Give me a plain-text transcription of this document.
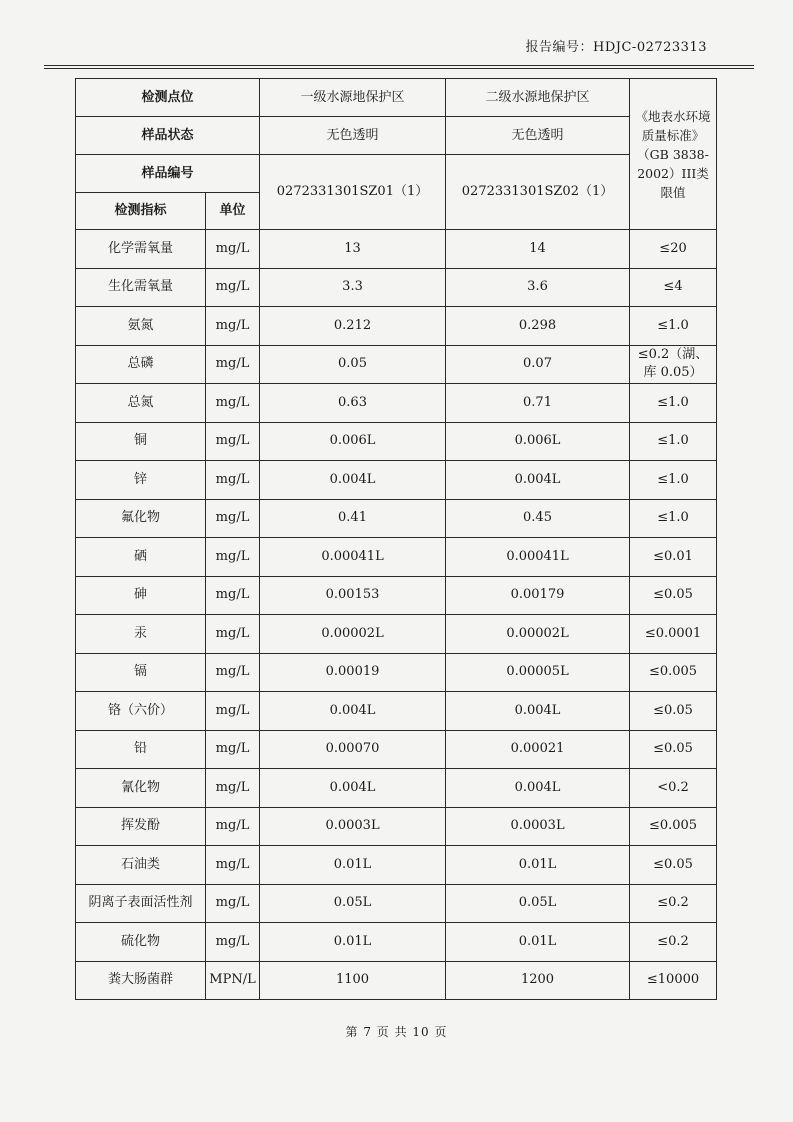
报告编号：HDJC-02723313
检测点位		一级水源地保护区	二级水源地保护区	《地表水环境质量标准》（GB 3838-2002）III类限值
样品状态		无色透明	无色透明	
样品编号		0272331301SZ01（1）	0272331301SZ02（1）	
检测指标	单位			
化学需氧量	mg/L	13	14	≤20
生化需氧量	mg/L	3.3	3.6	≤4
氨氮	mg/L	0.212	0.298	≤1.0
总磷	mg/L	0.05	0.07	≤0.2（湖、库 0.05）
总氮	mg/L	0.63	0.71	≤1.0
铜	mg/L	0.006L	0.006L	≤1.0
锌	mg/L	0.004L	0.004L	≤1.0
氟化物	mg/L	0.41	0.45	≤1.0
硒	mg/L	0.00041L	0.00041L	≤0.01
砷	mg/L	0.00153	0.00179	≤0.05
汞	mg/L	0.00002L	0.00002L	≤0.0001
镉	mg/L	0.00019	0.00005L	≤0.005
铬（六价）	mg/L	0.004L	0.004L	≤0.05
铅	mg/L	0.00070	0.00021	≤0.05
氰化物	mg/L	0.004L	0.004L	<0.2
挥发酚	mg/L	0.0003L	0.0003L	≤0.005
石油类	mg/L	0.01L	0.01L	≤0.05
阴离子表面活性剂	mg/L	0.05L	0.05L	≤0.2
硫化物	mg/L	0.01L	0.01L	≤0.2
粪大肠菌群	MPN/L	1100	1200	≤10000
第 7 页 共 10 页
